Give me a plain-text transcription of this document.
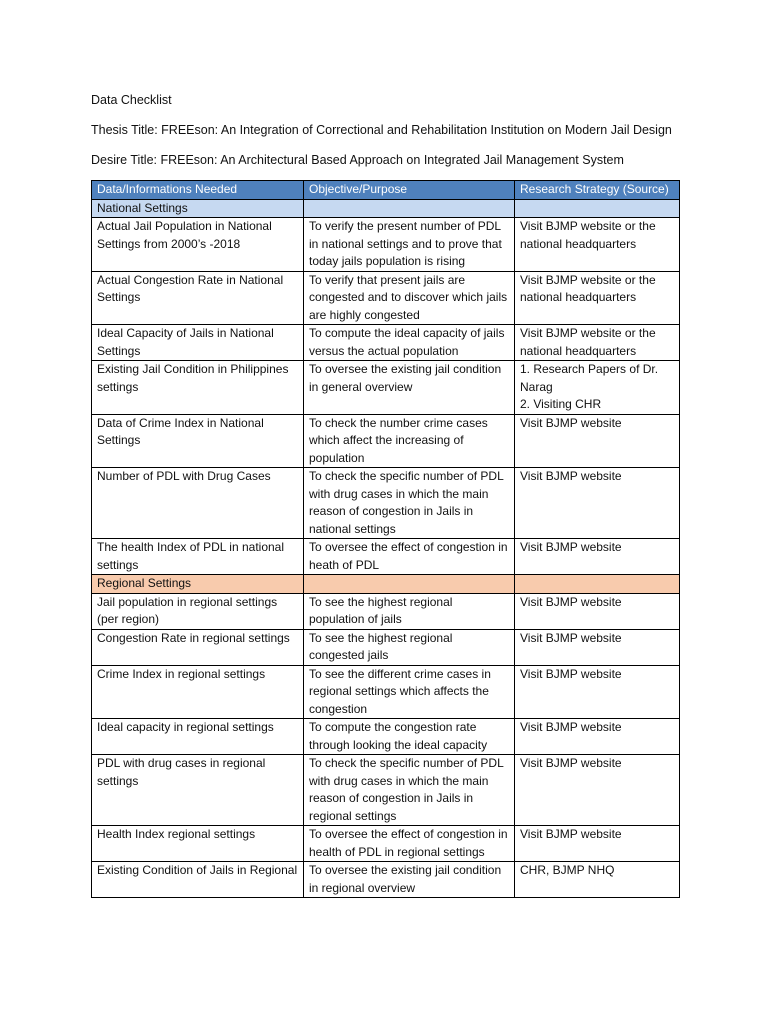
Data Checklist

Thesis Title: FREEson: An Integration of Correctional and Rehabilitation Institution on Modern Jail Design

Desire Title: FREEson: An Architectural Based Approach on Integrated Jail Management System

Data/Informations Needed	Objective/Purpose	Research Strategy (Source)
National Settings		
Actual Jail Population in National Settings from 2000’s -2018	To verify the present number of PDL in national settings and to prove that today jails population is rising	Visit BJMP website or the national headquarters
Actual Congestion Rate in National Settings	To verify that present jails are congested and to discover which jails are highly congested	Visit BJMP website or the national headquarters
Ideal Capacity of Jails in National Settings	To compute the ideal capacity of jails versus the actual population	Visit BJMP website or the national headquarters
Existing Jail Condition in Philippines settings	To oversee the existing jail condition in general overview	1. Research Papers of Dr. Narag
2. Visiting CHR
Data of Crime Index in National Settings	To check the number crime cases which affect the increasing of population	Visit BJMP website
Number of PDL with Drug Cases	To check the specific number of PDL with drug cases in which the main reason of congestion in Jails in national settings	Visit BJMP website
The health Index of PDL in national settings	To oversee the effect of congestion in heath of PDL	Visit BJMP website
Regional Settings		
Jail population in regional settings (per region)	To see the highest regional population of jails	Visit BJMP website
Congestion Rate in regional settings	To see the highest regional congested jails	Visit BJMP website
Crime Index in regional settings	To see the different crime cases in regional settings which affects the congestion	Visit BJMP website
Ideal capacity in regional settings	To compute the congestion rate through looking the ideal capacity	Visit BJMP website
PDL with drug cases in regional settings	To check the specific number of PDL with drug cases in which the main reason of congestion in Jails in regional settings	Visit BJMP website
Health Index regional settings	To oversee the effect of congestion in health of PDL in regional settings	Visit BJMP website
Existing Condition of Jails in Regional	To oversee the existing jail condition in regional overview	CHR, BJMP NHQ
